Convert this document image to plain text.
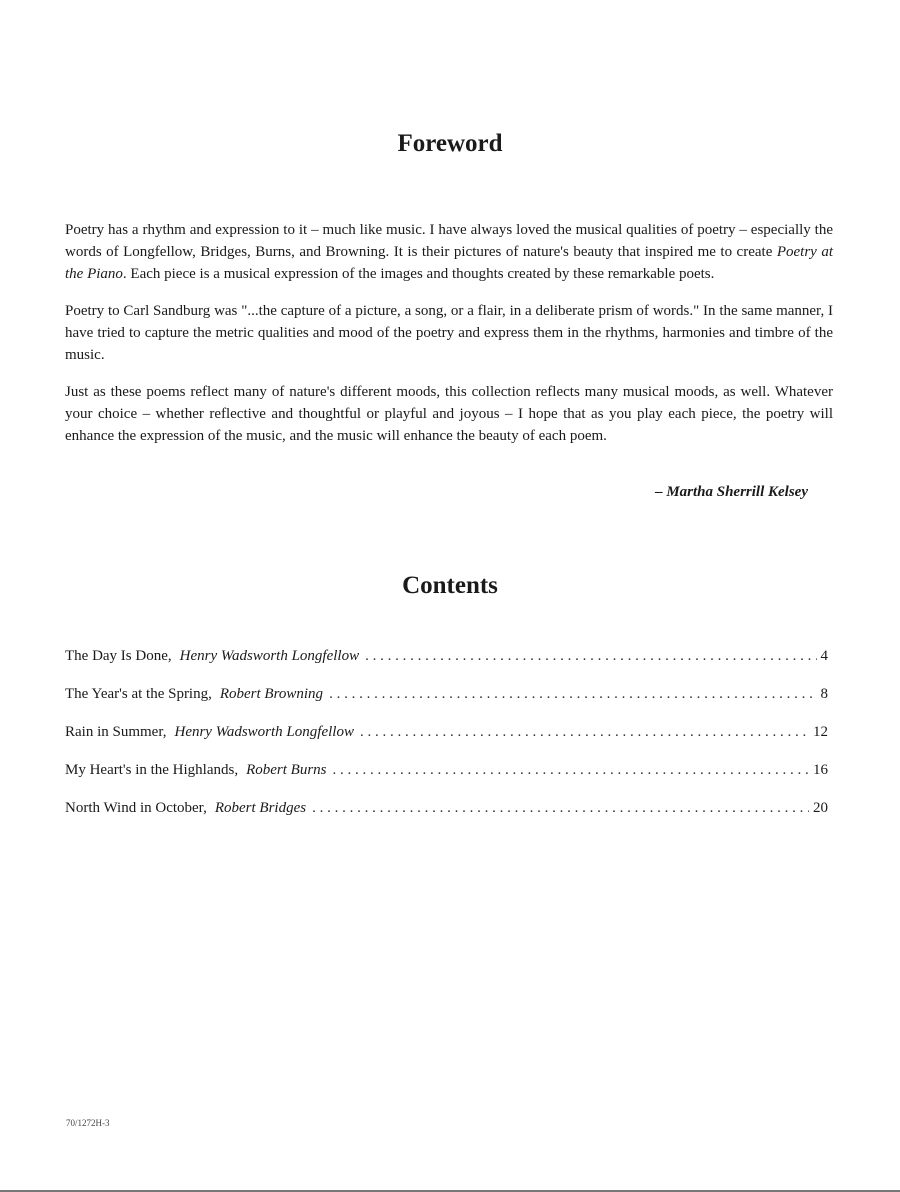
Foreword

Poetry has a rhythm and expression to it – much like music. I have always loved the musical qualities of poetry – especially the words of Longfellow, Bridges, Burns, and Browning. It is their pictures of nature's beauty that inspired me to create Poetry at the Piano. Each piece is a musical expression of the images and thoughts created by these remarkable poets.

Poetry to Carl Sandburg was "...the capture of a picture, a song, or a flair, in a deliberate prism of words." In the same manner, I have tried to capture the metric qualities and mood of the poetry and express them in the rhythms, harmonies and timbre of the music.

Just as these poems reflect many of nature's different moods, this collection reflects many musical moods, as well. Whatever your choice – whether reflective and thoughtful or playful and joyous – I hope that as you play each piece, the poetry will enhance the expression of the music, and the music will enhance the beauty of each poem.

– Martha Sherrill Kelsey
Contents
The Day Is Done, Henry Wadsworth Longfellow . . .	4
The Year's at the Spring, Robert Browning . . .	8
Rain in Summer, Henry Wadsworth Longfellow . . .	12
My Heart's in the Highlands, Robert Burns . . .	16
North Wind in October, Robert Bridges . . .	20
70/1272H-3
